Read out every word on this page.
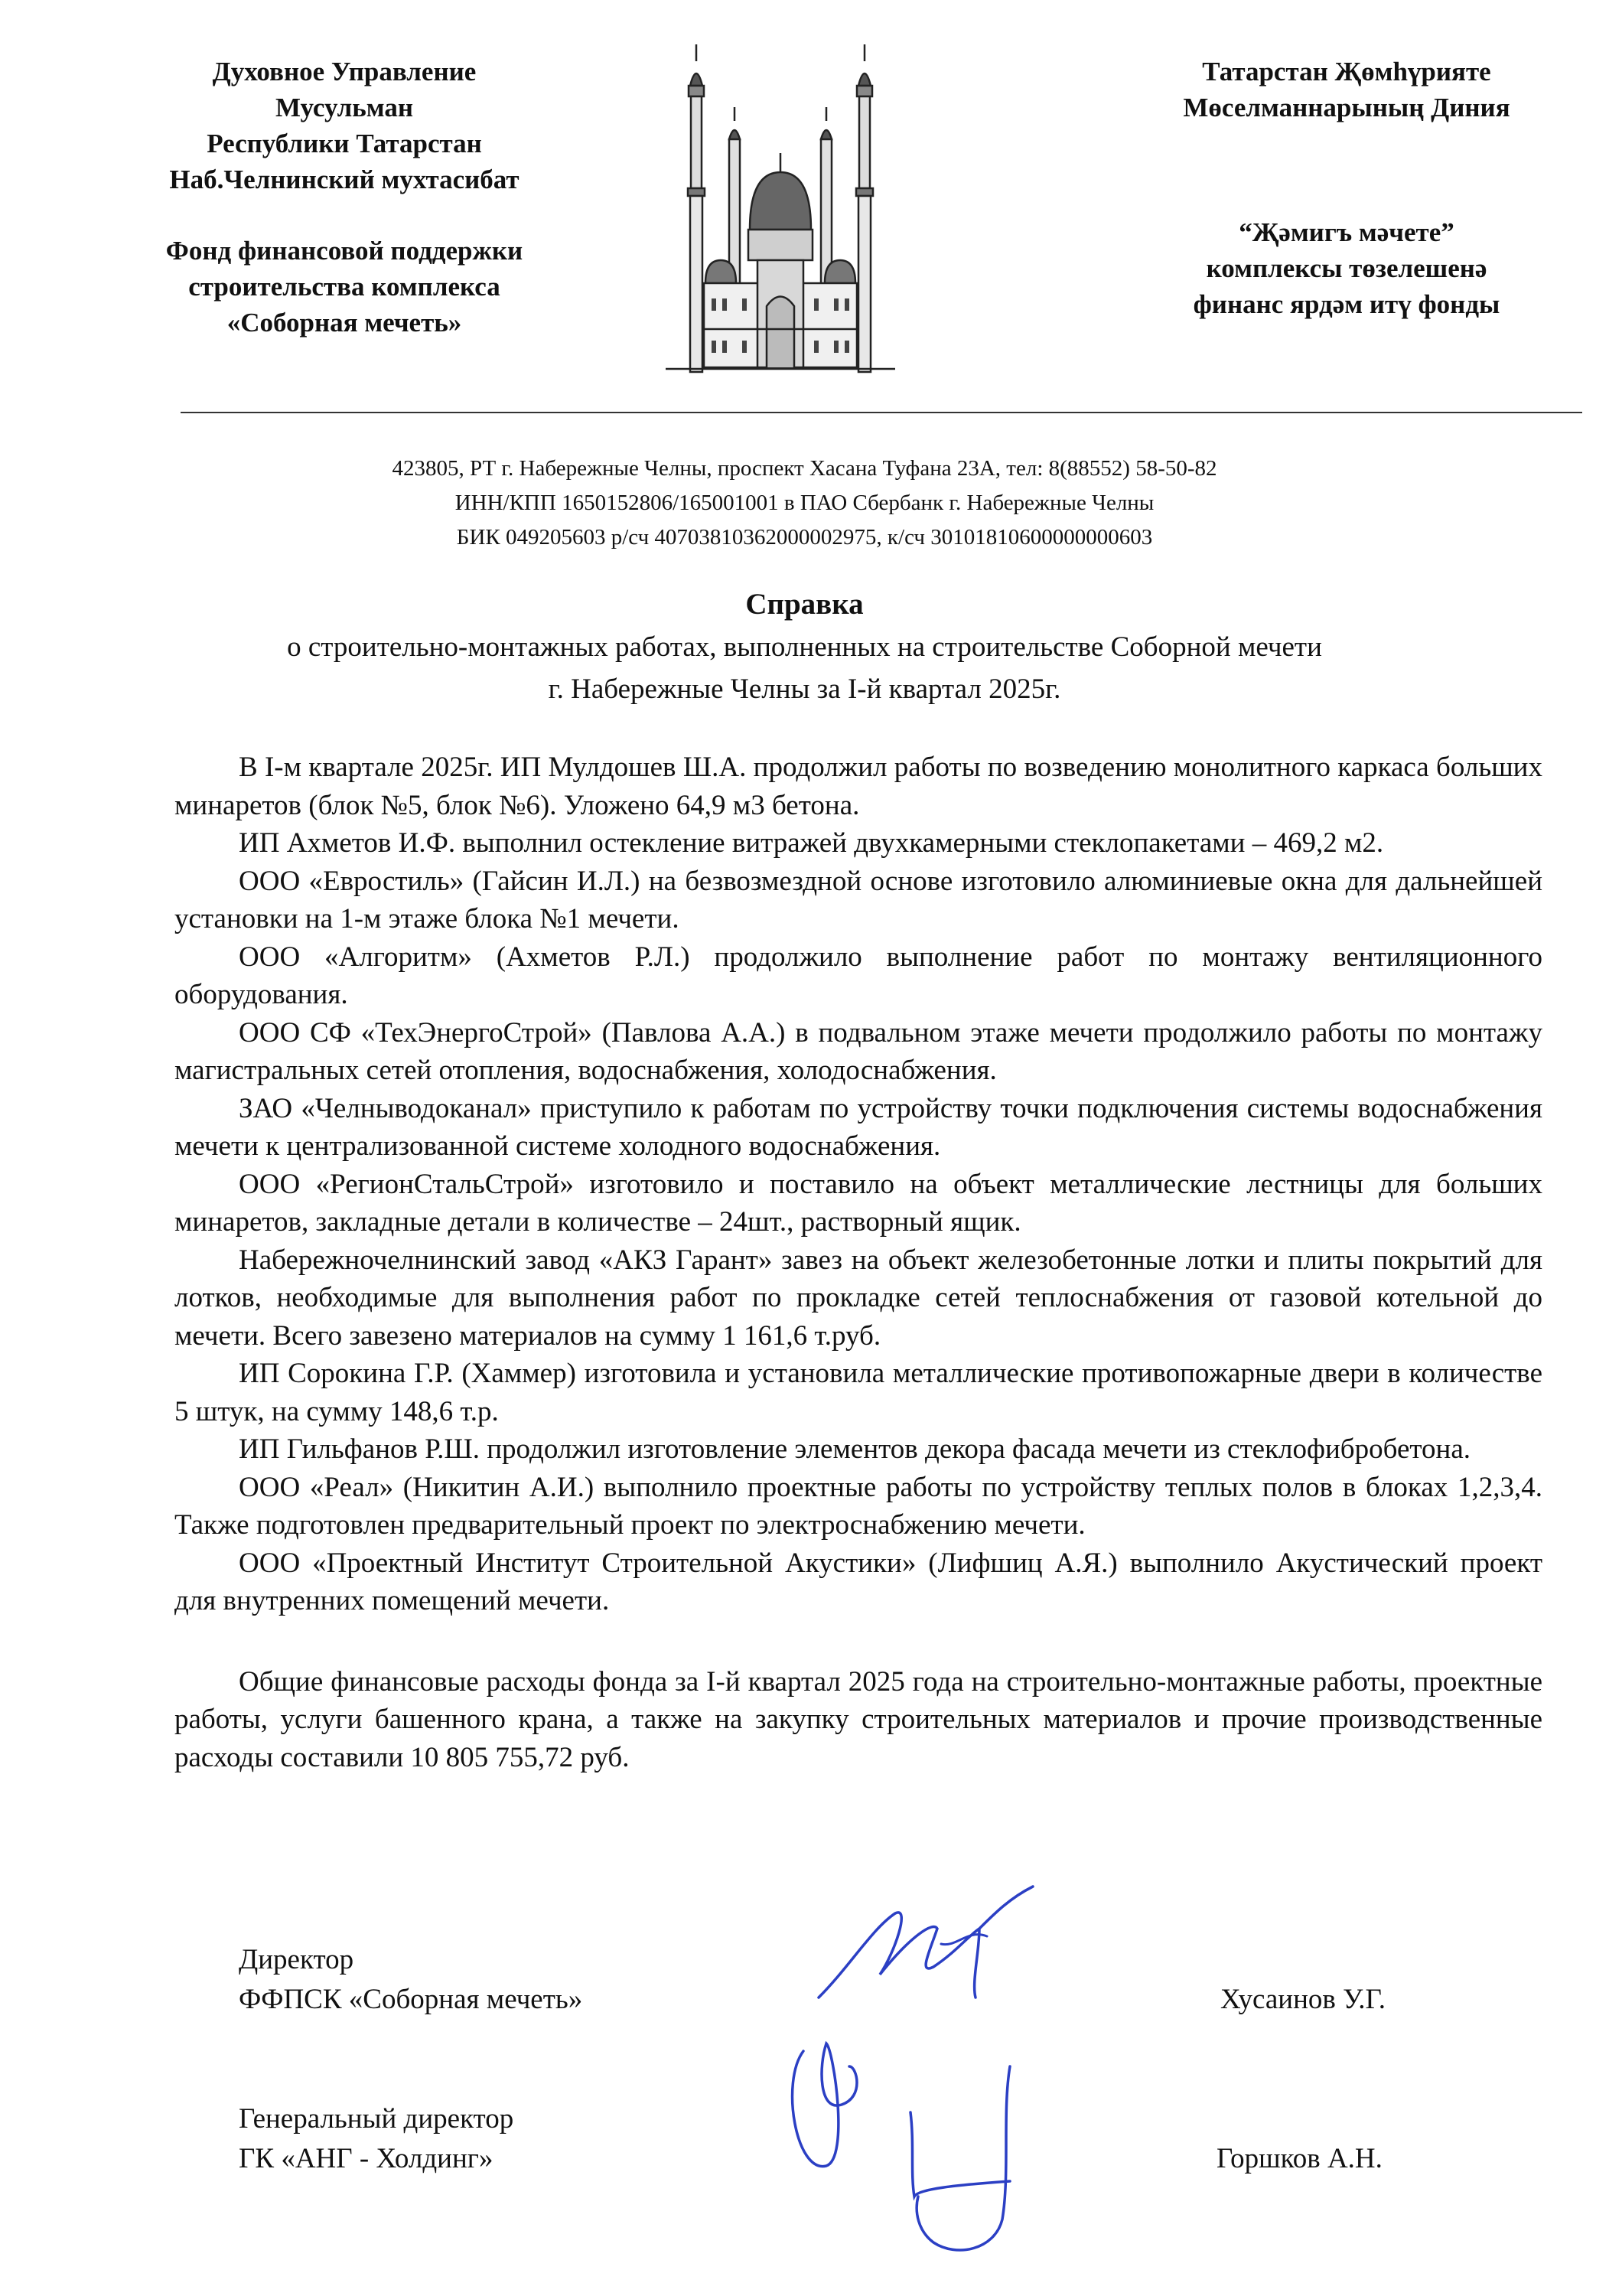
Духовное Управление
Мусульман
Республики Татарстан
Наб.Челнинский мухтасибат
Фонд финансовой поддержки
строительства комплекса
«Соборная мечеть»
Татарстан Җөмһүрияте
Мөселманнарының Диния
“Җәмигъ мәчете”
комплексы төзелешенә
финанс ярдәм итү фонды
423805, РТ г. Набережные Челны, проспект Хасана Туфана 23А, тел: 8(88552) 58-50-82
ИНН/КПП 1650152806/165001001 в ПАО Сбербанк г. Набережные Челны
БИК 049205603 р/сч 40703810362000002975, к/сч 30101810600000000603
Справка
о строительно-монтажных работах, выполненных на строительстве Соборной мечети
г. Набережные Челны за I-й квартал 2025г.

В I-м квартале 2025г. ИП Мулдошев Ш.А. продолжил работы по возведению монолитного каркаса больших минаретов (блок №5, блок №6). Уложено 64,9 м3 бетона.

ИП Ахметов И.Ф. выполнил остекление витражей двухкамерными стеклопакетами – 469,2 м2.

ООО «Евростиль» (Гайсин И.Л.) на безвозмездной основе изготовило алюминиевые окна для дальнейшей установки на 1-м этаже блока №1 мечети.

ООО «Алгоритм» (Ахметов Р.Л.) продолжило выполнение работ по монтажу вентиляционного оборудования.

ООО СФ «ТехЭнергоСтрой» (Павлова А.А.) в подвальном этаже мечети продолжило работы по монтажу магистральных сетей отопления, водоснабжения, холодоснабжения.

ЗАО «Челныводоканал» приступило к работам по устройству точки подключения системы водоснабжения мечети к централизованной системе холодного водоснабжения.

ООО «РегионСтальСтрой» изготовило и поставило на объект металлические лестницы для больших минаретов, закладные детали в количестве – 24шт., растворный ящик.

Набережночелнинский завод «АКЗ Гарант» завез на объект железобетонные лотки и плиты покрытий для лотков, необходимые для выполнения работ по прокладке сетей теплоснабжения от газовой котельной до мечети. Всего завезено материалов на сумму 1 161,6 т.руб.

ИП Сорокина Г.Р. (Хаммер) изготовила и установила металлические противопожарные двери в количестве 5 штук, на сумму 148,6 т.р.

ИП Гильфанов Р.Ш. продолжил изготовление элементов декора фасада мечети из стеклофибробетона.

ООО «Реал» (Никитин А.И.) выполнило проектные работы по устройству теплых полов в блоках 1,2,3,4. Также подготовлен предварительный проект по электроснабжению мечети.

ООО «Проектный Институт Строительной Акустики» (Лифшиц А.Я.) выполнило Акустический проект для внутренних помещений мечети.

Общие финансовые расходы фонда за I-й квартал 2025 года на строительно-монтажные работы, проектные работы, услуги башенного крана, а также на закупку строительных материалов и прочие производственные расходы составили 10 805 755,72 руб.

Директор
ФФПСК «Соборная мечеть»	Хусаинов У.Г.
Генеральный директор
ГК «АНГ - Холдинг»	Горшков А.Н.
